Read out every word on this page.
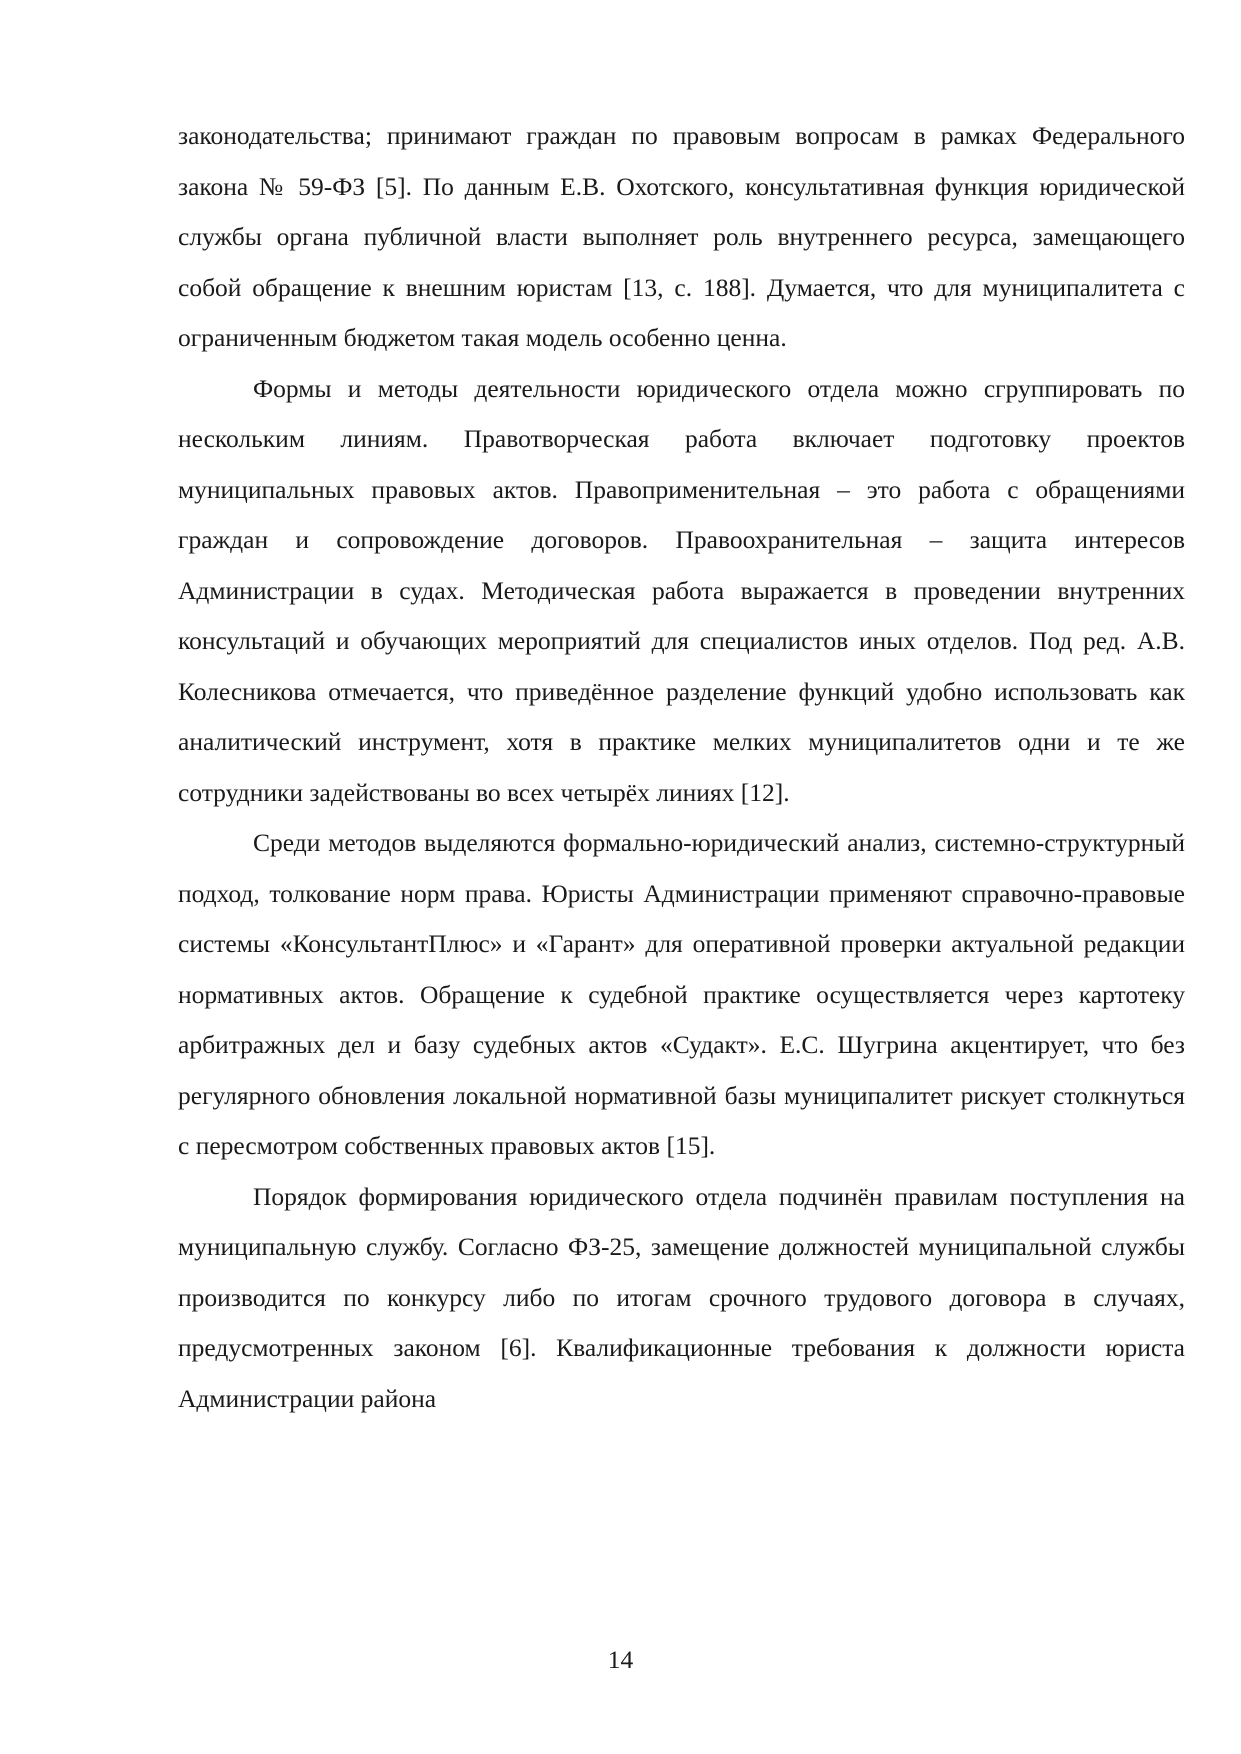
законодательства; принимают граждан по правовым вопросам в рамках Федерального закона № 59-ФЗ [5]. По данным Е.В. Охотского, консультативная функция юридической службы органа публичной власти выполняет роль внутреннего ресурса, замещающего собой обращение к внешним юристам [13, с. 188]. Думается, что для муниципалитета с ограниченным бюджетом такая модель особенно ценна.

Формы и методы деятельности юридического отдела можно сгруппировать по нескольким линиям. Правотворческая работа включает подготовку проектов муниципальных правовых актов. Правоприменительная – это работа с обращениями граждан и сопровождение договоров. Правоохранительная – защита интересов Администрации в судах. Методическая работа выражается в проведении внутренних консультаций и обучающих мероприятий для специалистов иных отделов. Под ред. А.В. Колесникова отмечается, что приведённое разделение функций удобно использовать как аналитический инструмент, хотя в практике мелких муниципалитетов одни и те же сотрудники задействованы во всех четырёх линиях [12].

Среди методов выделяются формально-юридический анализ, системно-структурный подход, толкование норм права. Юристы Администрации применяют справочно-правовые системы «КонсультантПлюс» и «Гарант» для оперативной проверки актуальной редакции нормативных актов. Обращение к судебной практике осуществляется через картотеку арбитражных дел и базу судебных актов «Судакт». Е.С. Шугрина акцентирует, что без регулярного обновления локальной нормативной базы муниципалитет рискует столкнуться с пересмотром собственных правовых актов [15].

Порядок формирования юридического отдела подчинён правилам поступления на муниципальную службу. Согласно ФЗ-25, замещение должностей муниципальной службы производится по конкурсу либо по итогам срочного трудового договора в случаях, предусмотренных законом [6]. Квалификационные требования к должности юриста Администрации района

14
